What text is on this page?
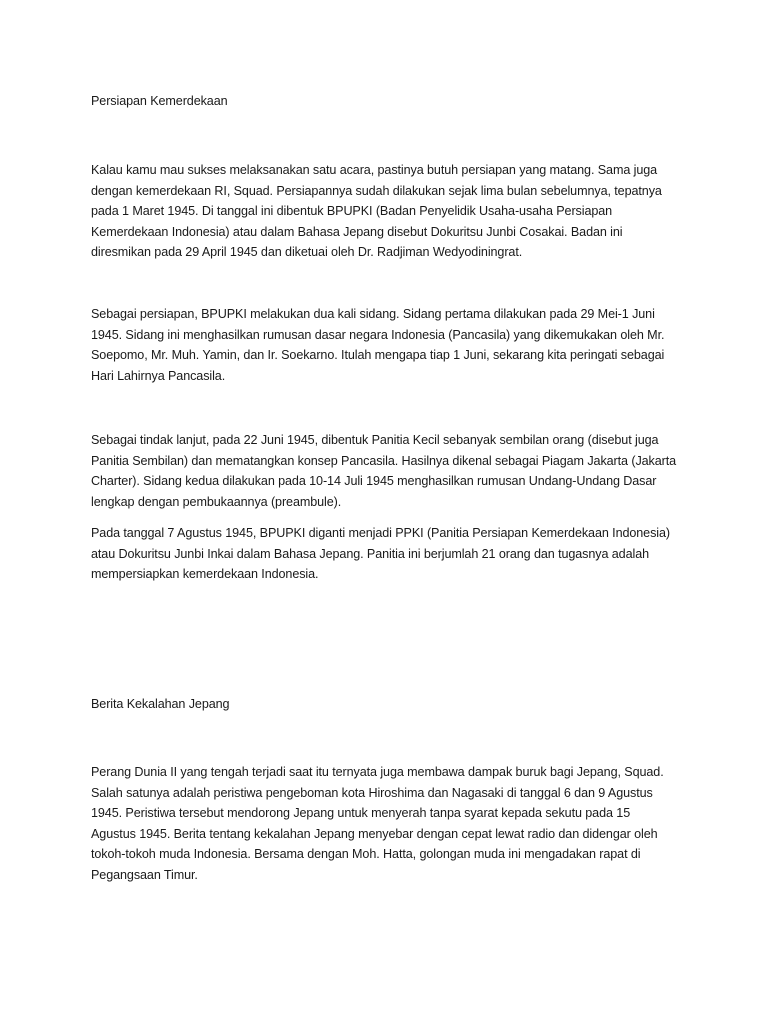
Persiapan Kemerdekaan

Kalau kamu mau sukses melaksanakan satu acara, pastinya butuh persiapan yang matang. Sama juga
dengan kemerdekaan RI, Squad. Persiapannya sudah dilakukan sejak lima bulan sebelumnya, tepatnya
pada 1 Maret 1945. Di tanggal ini dibentuk BPUPKI (Badan Penyelidik Usaha-usaha Persiapan
Kemerdekaan Indonesia) atau dalam Bahasa Jepang disebut Dokuritsu Junbi Cosakai. Badan ini
diresmikan pada 29 April 1945 dan diketuai oleh Dr. Radjiman Wedyodiningrat.

Sebagai persiapan, BPUPKI melakukan dua kali sidang. Sidang pertama dilakukan pada 29 Mei-1 Juni
1945. Sidang ini menghasilkan rumusan dasar negara Indonesia (Pancasila) yang dikemukakan oleh Mr.
Soepomo, Mr. Muh. Yamin, dan Ir. Soekarno. Itulah mengapa tiap 1 Juni, sekarang kita peringati sebagai
Hari Lahirnya Pancasila.

Sebagai tindak lanjut, pada 22 Juni 1945, dibentuk Panitia Kecil sebanyak sembilan orang (disebut juga
Panitia Sembilan) dan mematangkan konsep Pancasila. Hasilnya dikenal sebagai Piagam Jakarta (Jakarta
Charter). Sidang kedua dilakukan pada 10-14 Juli 1945 menghasilkan rumusan Undang-Undang Dasar
lengkap dengan pembukaannya (preambule).

Pada tanggal 7 Agustus 1945, BPUPKI diganti menjadi PPKI (Panitia Persiapan Kemerdekaan Indonesia)
atau Dokuritsu Junbi Inkai dalam Bahasa Jepang. Panitia ini berjumlah 21 orang dan tugasnya adalah
mempersiapkan kemerdekaan Indonesia.

Berita Kekalahan Jepang

Perang Dunia II yang tengah terjadi saat itu ternyata juga membawa dampak buruk bagi Jepang, Squad.
Salah satunya adalah peristiwa pengeboman kota Hiroshima dan Nagasaki di tanggal 6 dan 9 Agustus
1945. Peristiwa tersebut mendorong Jepang untuk menyerah tanpa syarat kepada sekutu pada 15
Agustus 1945. Berita tentang kekalahan Jepang menyebar dengan cepat lewat radio dan didengar oleh
tokoh-tokoh muda Indonesia. Bersama dengan Moh. Hatta, golongan muda ini mengadakan rapat di
Pegangsaan Timur.
